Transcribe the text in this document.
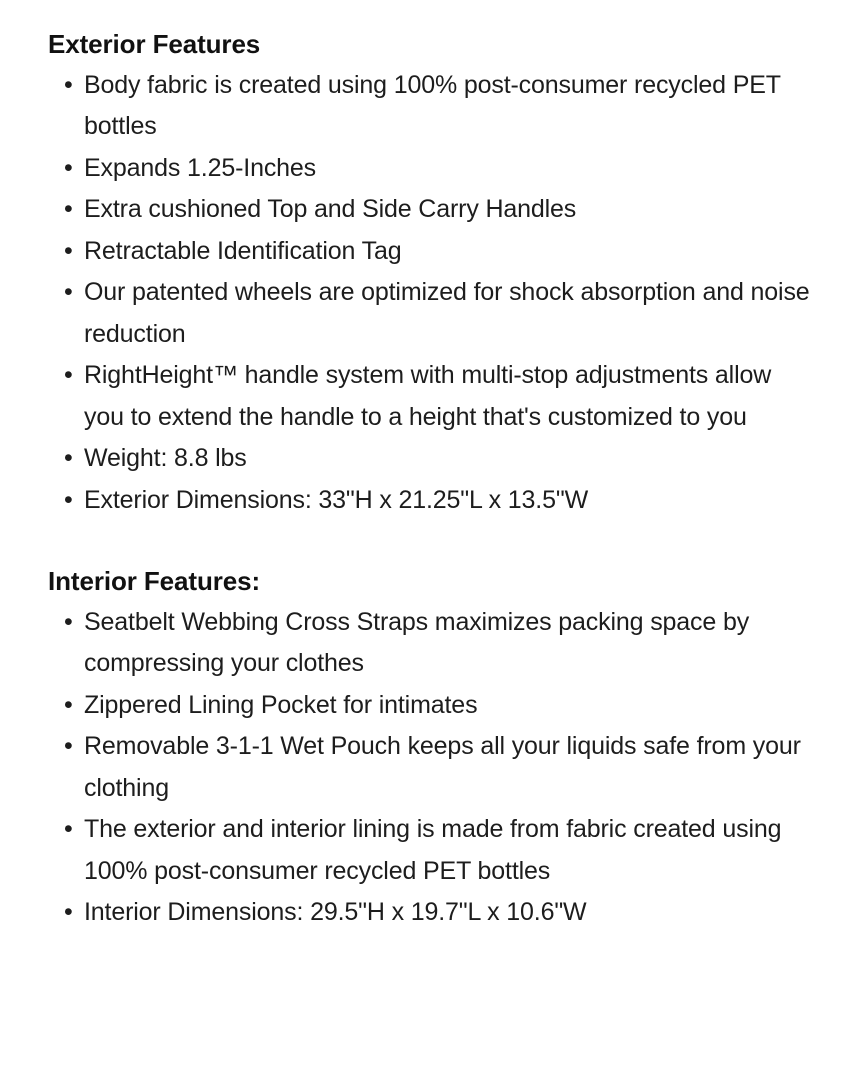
Exterior Features
• Body fabric is created using 100% post-consumer recycled PET bottles
• Expands 1.25-Inches
• Extra cushioned Top and Side Carry Handles
• Retractable Identification Tag
• Our patented wheels are optimized for shock absorption and noise reduction
• RightHeight™ handle system with multi-stop adjustments allow you to extend the handle to a height that's customized to you
• Weight: 8.8 lbs
• Exterior Dimensions: 33"H x 21.25"L x 13.5"W
Interior Features:
• Seatbelt Webbing Cross Straps maximizes packing space by compressing your clothes
• Zippered Lining Pocket for intimates
• Removable 3-1-1 Wet Pouch keeps all your liquids safe from your clothing
• The exterior and interior lining is made from fabric created using 100% post-consumer recycled PET bottles
• Interior Dimensions: 29.5"H x 19.7"L x 10.6"W
